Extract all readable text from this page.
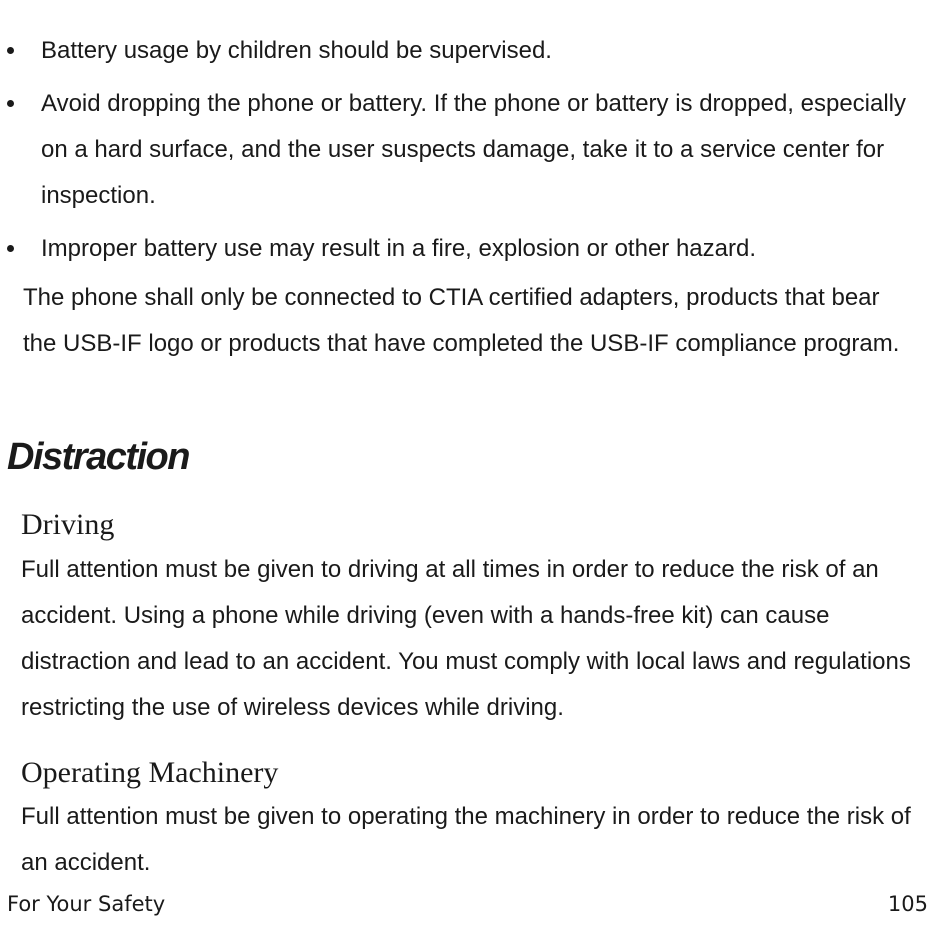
Battery usage by children should be supervised.
Avoid dropping the phone or battery. If the phone or battery is dropped, especially on a hard surface, and the user suspects damage, take it to a service center for inspection.
Improper battery use may result in a fire, explosion or other hazard.

The phone shall only be connected to CTIA certified adapters, products that bear the USB-IF logo or products that have completed the USB-IF compliance program.

Distraction
Driving

Full attention must be given to driving at all times in order to reduce the risk of an accident. Using a phone while driving (even with a hands-free kit) can cause distraction and lead to an accident. You must comply with local laws and regulations restricting the use of wireless devices while driving.

Operating Machinery

Full attention must be given to operating the machinery in order to reduce the risk of an accident.

For Your Safety	105
